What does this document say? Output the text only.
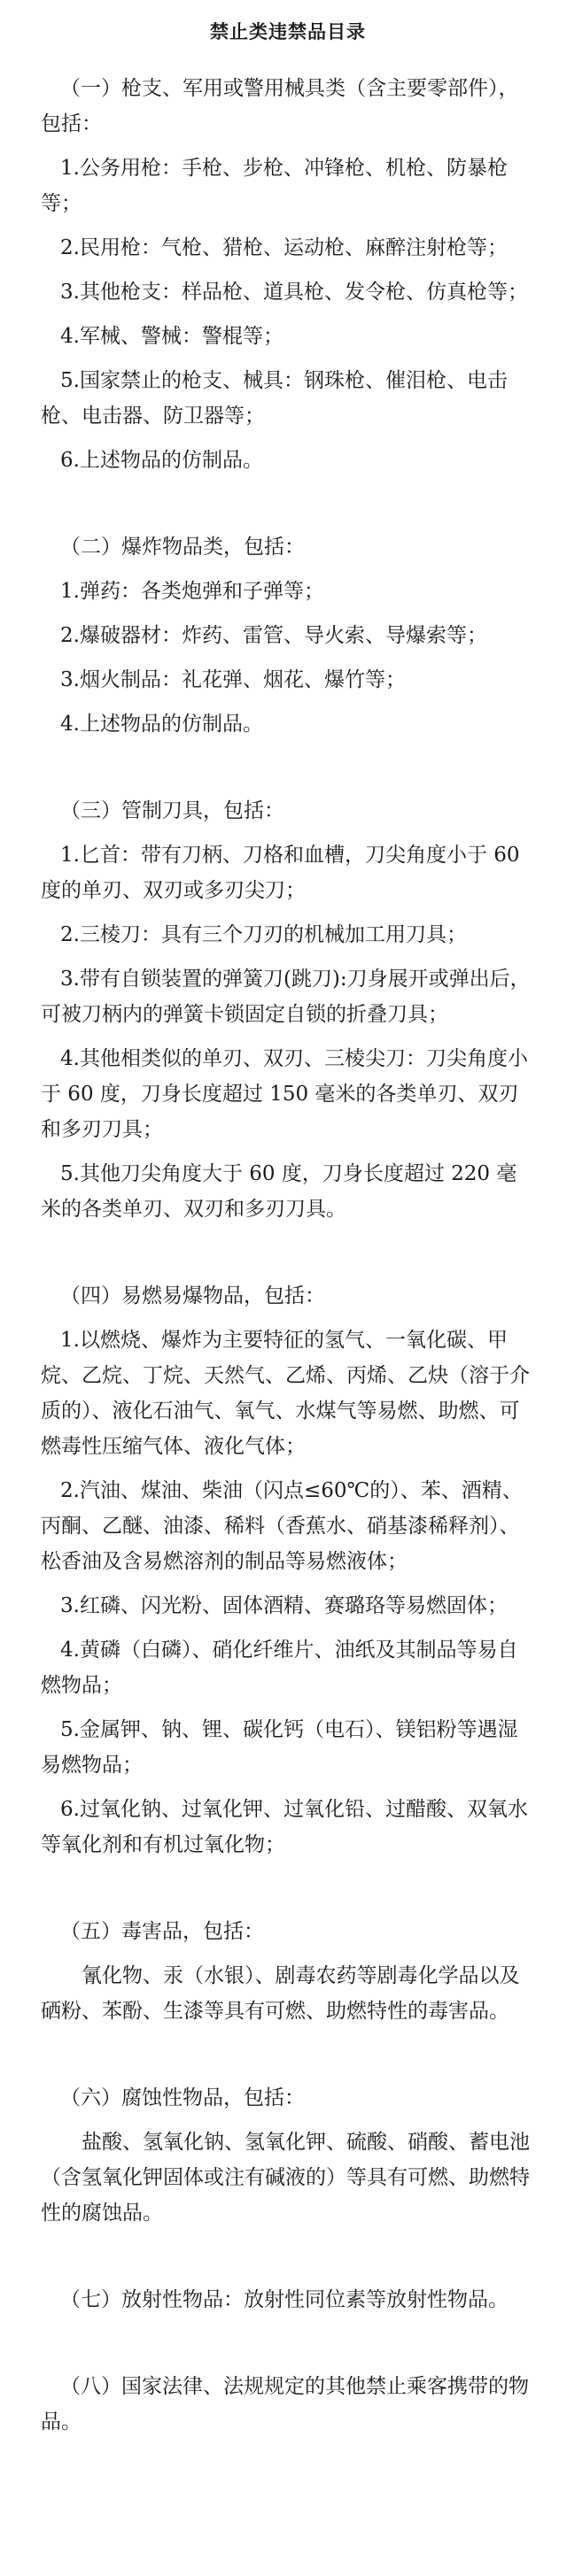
禁止类违禁品目录
（一）枪支、军用或警用械具类（含主要零部件），包括：
1.公务用枪：手枪、步枪、冲锋枪、机枪、防暴枪等；
2.民用枪：气枪、猎枪、运动枪、麻醉注射枪等；
3.其他枪支：样品枪、道具枪、发令枪、仿真枪等；
4.军械、警械：警棍等；
5.国家禁止的枪支、械具：钢珠枪、催泪枪、电击枪、电击器、防卫器等；
6.上述物品的仿制品。
（二）爆炸物品类，包括：
1.弹药：各类炮弹和子弹等；
2.爆破器材：炸药、雷管、导火索、导爆索等；
3.烟火制品：礼花弹、烟花、爆竹等；
4.上述物品的仿制品。
（三）管制刀具，包括：
1.匕首：带有刀柄、刀格和血槽，刀尖角度小于 60 度的单刃、双刃或多刃尖刀；
2.三棱刀：具有三个刀刃的机械加工用刀具；
3.带有自锁装置的弹簧刀(跳刀):刀身展开或弹出后，可被刀柄内的弹簧卡锁固定自锁的折叠刀具；
4.其他相类似的单刃、双刃、三棱尖刀：刀尖角度小于 60 度，刀身长度超过 150 毫米的各类单刃、双刃和多刃刀具；
5.其他刀尖角度大于 60 度，刀身长度超过 220 毫米的各类单刃、双刃和多刃刀具。
（四）易燃易爆物品，包括：
1.以燃烧、爆炸为主要特征的氢气、一氧化碳、甲烷、乙烷、丁烷、天然气、乙烯、丙烯、乙炔（溶于介质的）、液化石油气、氧气、水煤气等易燃、助燃、可燃毒性压缩气体、液化气体；
2.汽油、煤油、柴油（闪点≤60℃的）、苯、酒精、丙酮、乙醚、油漆、稀料（香蕉水、硝基漆稀释剂）、松香油及含易燃溶剂的制品等易燃液体；
3.红磷、闪光粉、固体酒精、赛璐珞等易燃固体；
4.黄磷（白磷）、硝化纤维片、油纸及其制品等易自燃物品；
5.金属钾、钠、锂、碳化钙（电石）、镁铝粉等遇湿易燃物品；
6.过氧化钠、过氧化钾、过氧化铅、过醋酸、双氧水等氧化剂和有机过氧化物；
（五）毒害品，包括：
氰化物、汞（水银）、剧毒农药等剧毒化学品以及硒粉、苯酚、生漆等具有可燃、助燃特性的毒害品。
（六）腐蚀性物品，包括：
盐酸、氢氧化钠、氢氧化钾、硫酸、硝酸、蓄电池（含氢氧化钾固体或注有碱液的）等具有可燃、助燃特性的腐蚀品。
（七）放射性物品：放射性同位素等放射性物品。
（八）国家法律、法规规定的其他禁止乘客携带的物品。
